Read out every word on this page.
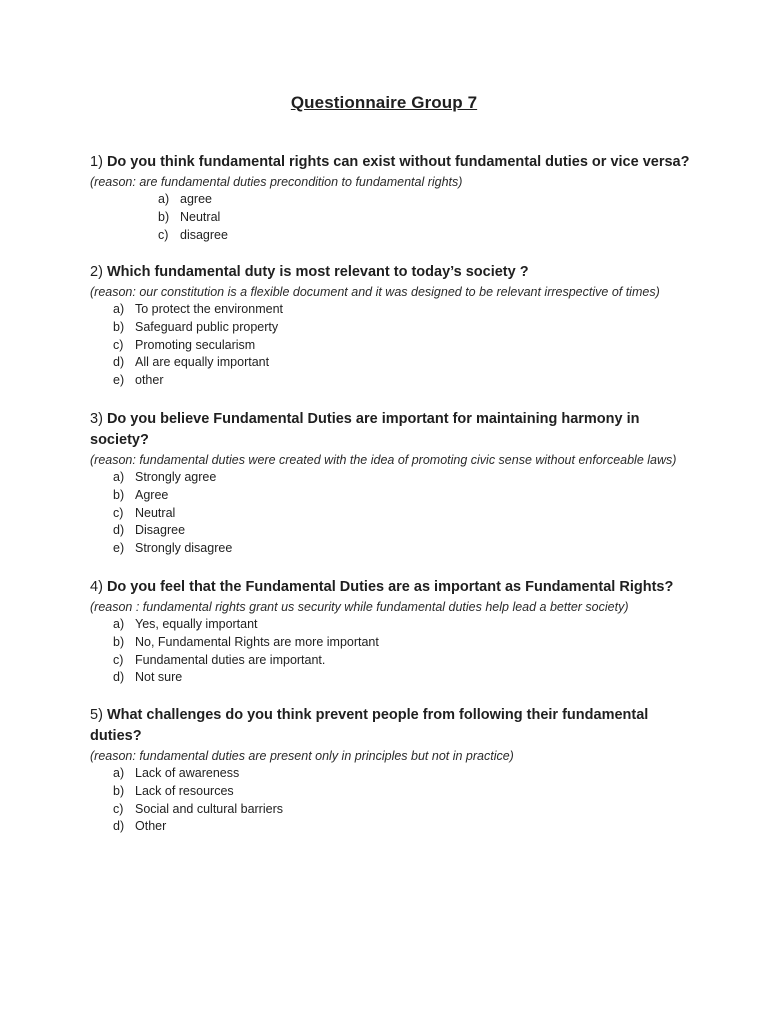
Questionnaire Group 7

1) Do you think fundamental rights can exist without fundamental duties or vice versa?

(reason: are fundamental duties precondition to fundamental rights)

a) agree
b) Neutral
c) disagree

2) Which fundamental duty is most relevant to today’s society ?

(reason: our constitution is a flexible document and it was designed to be relevant irrespective of times)

a) To protect the environment
b) Safeguard public property
c) Promoting secularism
d) All are equally important
e) other

3) Do you believe Fundamental Duties are important for maintaining harmony in society?

(reason: fundamental duties were created with the idea of promoting civic sense without enforceable laws)

a) Strongly agree
b) Agree
c) Neutral
d) Disagree
e) Strongly disagree

4) Do you feel that the Fundamental Duties are as important as Fundamental Rights?

(reason : fundamental rights grant us security while fundamental duties help lead a better society)

a) Yes, equally important
b) No, Fundamental Rights are more important
c) Fundamental duties are important.
d) Not sure

5) What challenges do you think prevent people from following their fundamental duties?

(reason: fundamental duties are present only in principles but not in practice)

a) Lack of awareness
b) Lack of resources
c) Social and cultural barriers
d) Other
